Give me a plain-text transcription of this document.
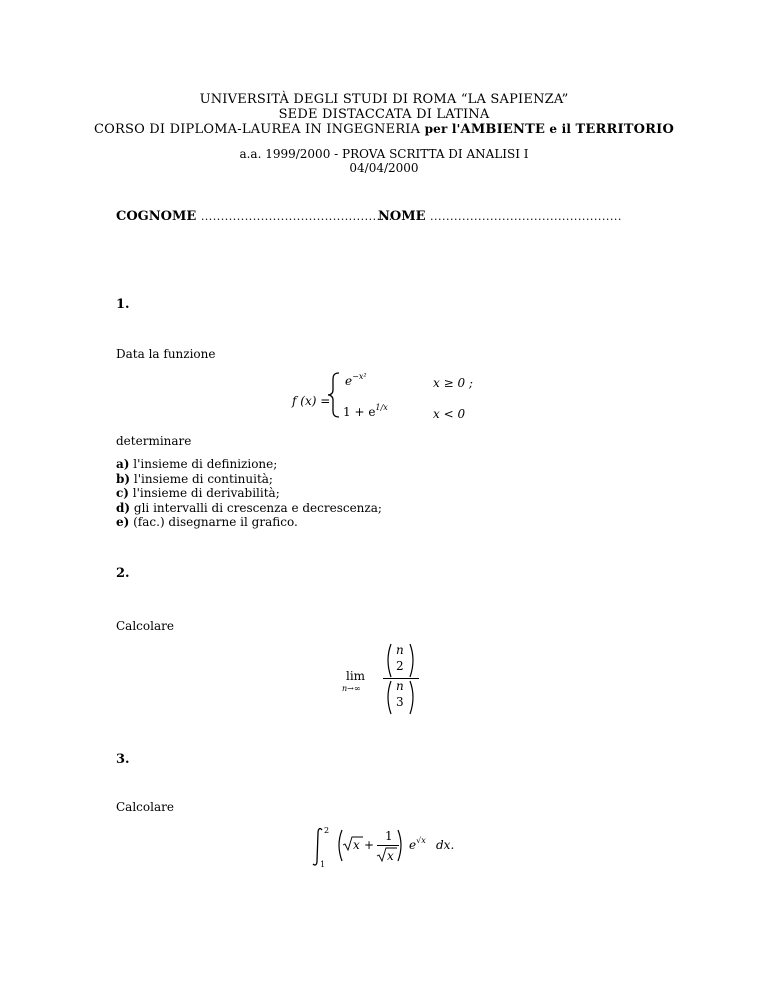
UNIVERSITÀ DEGLI STUDI DI ROMA “LA SAPIENZA”
SEDE DISTACCATA DI LATINA
CORSO DI DIPLOMA-LAUREA IN INGEGNERIA per l'AMBIENTE e il TERRITORIO
a.a. 1999/2000 - PROVA SCRITTA DI ANALISI I
04/04/2000
COGNOME ................................................
NOME ................................................
1.
Data la funzione
f (x) =
$e^{-x^2}$	x ≥ 0 ;
$1 + e^{1/x}$	x < 0
determinare
a) l'insieme di definizione;
b) l'insieme di continuità;
c) l'insieme di derivabilità;
d) gli intervalli di crescenza e decrescenza;
e) (fac.) disegnarne il grafico.
2.
Calcolare
lim
n→∞
n
2
n
3
3.
Calcolare
2
1
x +
1
x
$e^{√x}$ dx.
